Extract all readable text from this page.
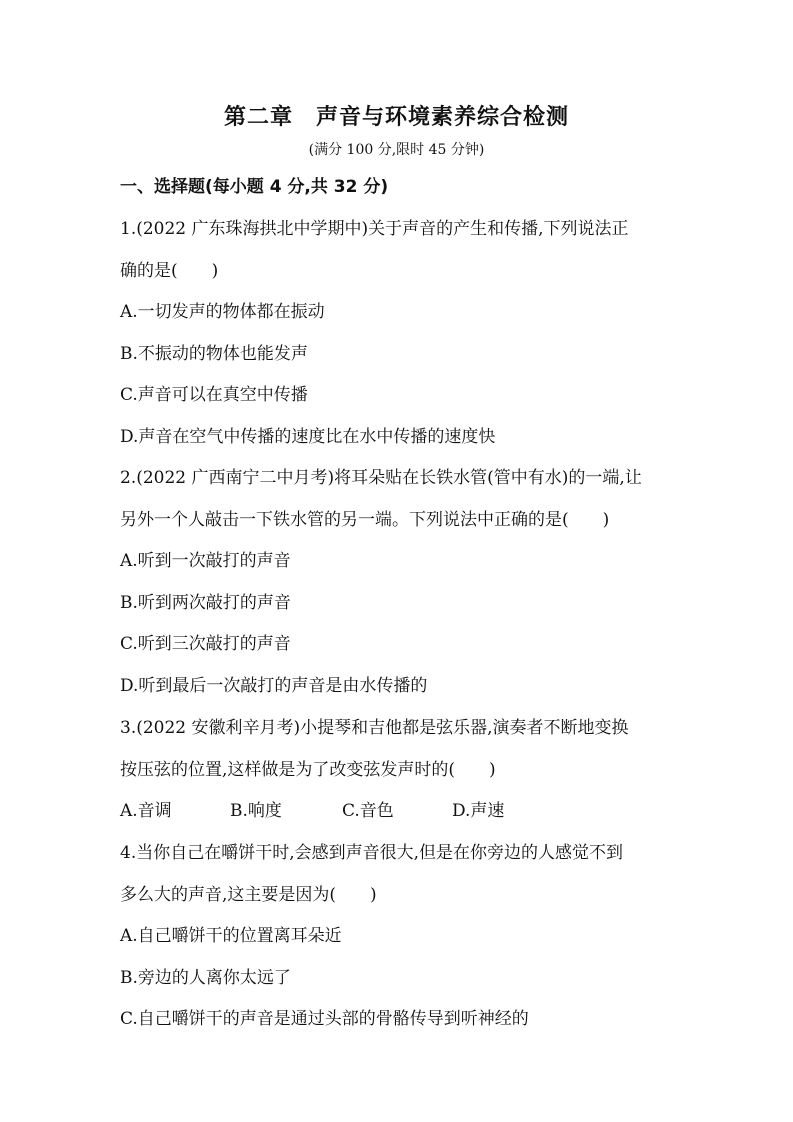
第二章　声音与环境素养综合检测
(满分 100 分,限时 45 分钟)
一、选择题(每小题 4 分,共 32 分)
1.(2022 广东珠海拱北中学期中)关于声音的产生和传播,下列说法正
确的是(　　)
A.一切发声的物体都在振动
B.不振动的物体也能发声
C.声音可以在真空中传播
D.声音在空气中传播的速度比在水中传播的速度快
2.(2022 广西南宁二中月考)将耳朵贴在长铁水管(管中有水)的一端,让
另外一个人敲击一下铁水管的另一端。下列说法中正确的是(　　)
A.听到一次敲打的声音
B.听到两次敲打的声音
C.听到三次敲打的声音
D.听到最后一次敲打的声音是由水传播的
3.(2022 安徽利辛月考)小提琴和吉他都是弦乐器,演奏者不断地变换
按压弦的位置,这样做是为了改变弦发声时的(　　)
A.音调	B.响度	C.音色	D.声速
4.当你自己在嚼饼干时,会感到声音很大,但是在你旁边的人感觉不到
多么大的声音,这主要是因为(　　)
A.自己嚼饼干的位置离耳朵近
B.旁边的人离你太远了
C.自己嚼饼干的声音是通过头部的骨骼传导到听神经的
